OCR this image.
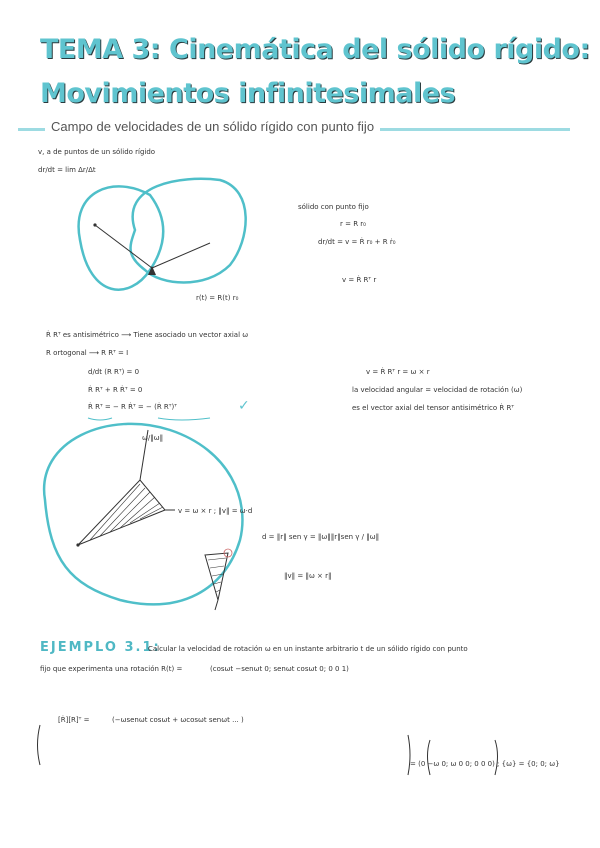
TEMA 3: Cinemática del sólido rígido:
Movimientos infinitesimales
Campo de velocidades de un sólido rígido con punto fijo
v, a de puntos de un sólido rígido
dr/dt = lim Δr/Δt
sólido con punto fijo
r = R r₀
dr/dt = v = Ṙ r₀ + R ṙ₀
v = Ṙ Rᵀ r
r(t) = R(t) r₀
Ṙ Rᵀ es antisimétrico ⟶ Tiene asociado un vector axial ω
R ortogonal ⟶ R Rᵀ = I
d/dt (R Rᵀ) = 0
Ṙ Rᵀ + R Ṙᵀ = 0
Ṙ Rᵀ = − R Ṙᵀ = − (Ṙ Rᵀ)ᵀ	✓
v = Ṙ Rᵀ r = ω × r
la velocidad angular = velocidad de rotación (ω)
es el vector axial del tensor antisimétrico Ṙ Rᵀ
ω/‖ω‖
v = ω × r ; ‖v‖ = ω·d
d = ‖r‖ sen γ = ‖ω‖‖r‖sen γ / ‖ω‖
‖v‖ = ‖ω × r‖
EJEMPLO 3.1:
Calcular la velocidad de rotación ω en un instante arbitrario t de un sólido rígido con punto
fijo que experimenta una rotación R(t) =	(cosωt −senωt 0; senωt cosωt 0; 0 0 1)
[Ṙ][R]ᵀ =	(−ωsenωt cosωt + ωcosωt senωt ... )
= (0 −ω 0; ω 0 0; 0 0 0) ; {ω} = {0; 0; ω}
